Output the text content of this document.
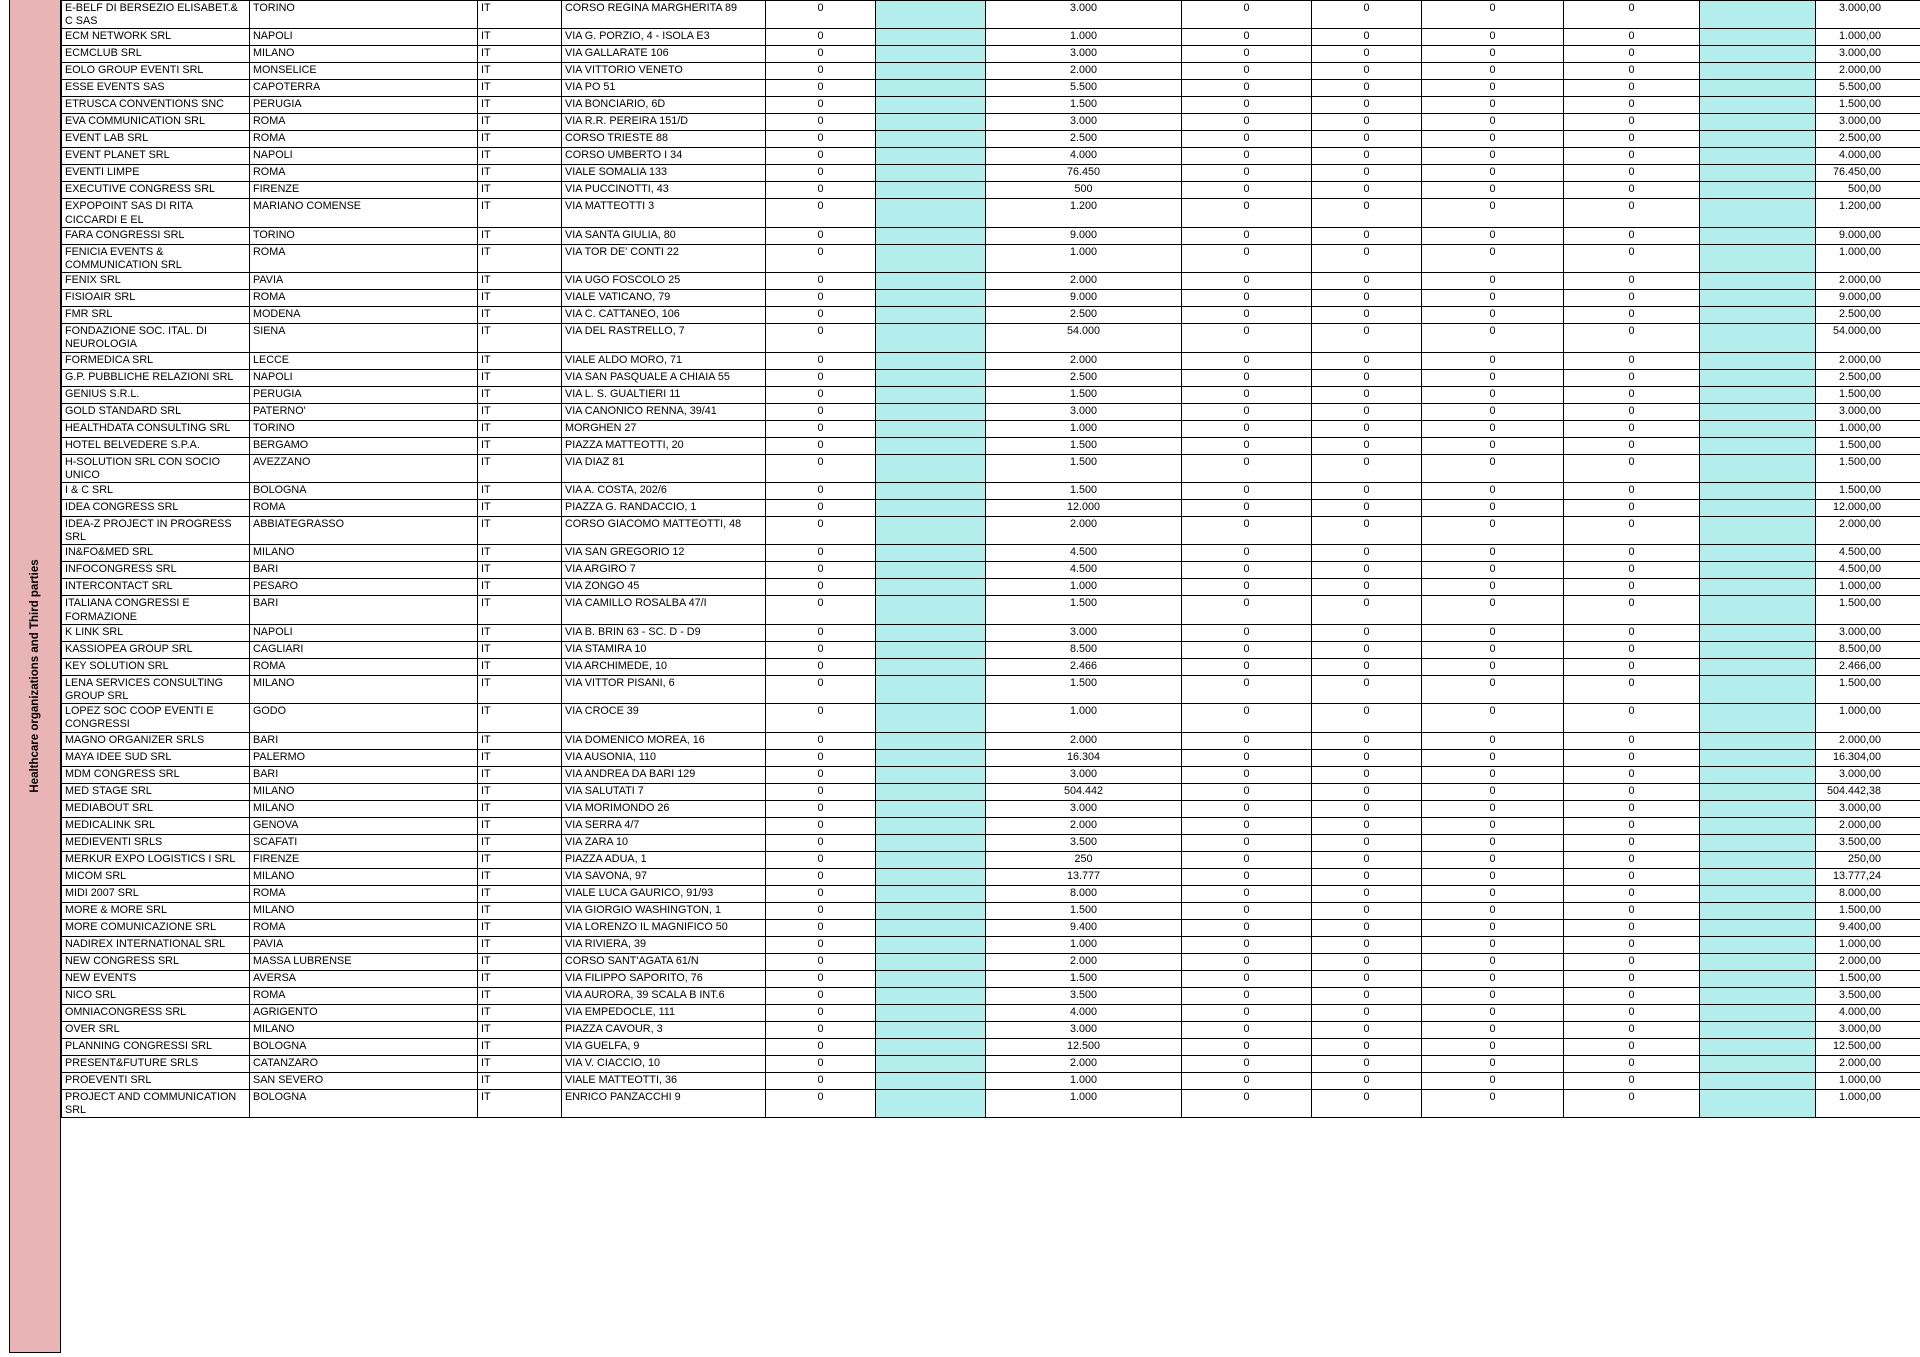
Healthcare organizations and Third parties
E-BELF DI BERSEZIO ELISABET.& C SAS	TORINO	IT	CORSO REGINA MARGHERITA 89	0		3.000	0	0	0	0		3.000,00
ECM NETWORK SRL	NAPOLI	IT	VIA G. PORZIO, 4 - ISOLA E3	0		1.000	0	0	0	0		1.000,00
ECMCLUB SRL	MILANO	IT	VIA GALLARATE 106	0		3.000	0	0	0	0		3.000,00
EOLO GROUP EVENTI SRL	MONSELICE	IT	VIA VITTORIO VENETO	0		2.000	0	0	0	0		2.000,00
ESSE EVENTS SAS	CAPOTERRA	IT	VIA PO 51	0		5.500	0	0	0	0		5.500,00
ETRUSCA CONVENTIONS SNC	PERUGIA	IT	VIA BONCIARIO, 6D	0		1.500	0	0	0	0		1.500,00
EVA COMMUNICATION SRL	ROMA	IT	VIA R.R. PEREIRA 151/D	0		3.000	0	0	0	0		3.000,00
EVENT LAB SRL	ROMA	IT	CORSO TRIESTE 88	0		2.500	0	0	0	0		2.500,00
EVENT PLANET SRL	NAPOLI	IT	CORSO UMBERTO I 34	0		4.000	0	0	0	0		4.000,00
EVENTI LIMPE	ROMA	IT	VIALE SOMALIA 133	0		76.450	0	0	0	0		76.450,00
EXECUTIVE CONGRESS SRL	FIRENZE	IT	VIA PUCCINOTTI, 43	0		500	0	0	0	0		500,00
EXPOPOINT SAS DI RITA CICCARDI E EL	MARIANO COMENSE	IT	VIA MATTEOTTI 3	0		1.200	0	0	0	0		1.200,00
FARA CONGRESSI SRL	TORINO	IT	VIA SANTA GIULIA, 80	0		9.000	0	0	0	0		9.000,00
FENICIA EVENTS & COMMUNICATION SRL	ROMA	IT	VIA TOR DE' CONTI 22	0		1.000	0	0	0	0		1.000,00
FENIX SRL	PAVIA	IT	VIA UGO FOSCOLO 25	0		2.000	0	0	0	0		2.000,00
FISIOAIR SRL	ROMA	IT	VIALE VATICANO, 79	0		9.000	0	0	0	0		9.000,00
FMR SRL	MODENA	IT	VIA C. CATTANEO, 106	0		2.500	0	0	0	0		2.500,00
FONDAZIONE SOC. ITAL. DI NEUROLOGIA	SIENA	IT	VIA DEL RASTRELLO, 7	0		54.000	0	0	0	0		54.000,00
FORMEDICA SRL	LECCE	IT	VIALE ALDO MORO, 71	0		2.000	0	0	0	0		2.000,00
G.P. PUBBLICHE RELAZIONI SRL	NAPOLI	IT	VIA SAN PASQUALE A CHIAIA 55	0		2.500	0	0	0	0		2.500,00
GENIUS S.R.L.	PERUGIA	IT	VIA L. S. GUALTIERI 11	0		1.500	0	0	0	0		1.500,00
GOLD STANDARD SRL	PATERNO'	IT	VIA CANONICO RENNA, 39/41	0		3.000	0	0	0	0		3.000,00
HEALTHDATA CONSULTING SRL	TORINO	IT	MORGHEN 27	0		1.000	0	0	0	0		1.000,00
HOTEL BELVEDERE S.P.A.	BERGAMO	IT	PIAZZA MATTEOTTI, 20	0		1.500	0	0	0	0		1.500,00
H-SOLUTION SRL CON SOCIO UNICO	AVEZZANO	IT	VIA DIAZ 81	0		1.500	0	0	0	0		1.500,00
I & C SRL	BOLOGNA	IT	VIA A. COSTA, 202/6	0		1.500	0	0	0	0		1.500,00
IDEA CONGRESS SRL	ROMA	IT	PIAZZA G. RANDACCIO, 1	0		12.000	0	0	0	0		12.000,00
IDEA-Z PROJECT IN PROGRESS SRL	ABBIATEGRASSO	IT	CORSO GIACOMO MATTEOTTI, 48	0		2.000	0	0	0	0		2.000,00
IN&FO&MED SRL	MILANO	IT	VIA SAN GREGORIO 12	0		4.500	0	0	0	0		4.500,00
INFOCONGRESS SRL	BARI	IT	VIA ARGIRO 7	0		4.500	0	0	0	0		4.500,00
INTERCONTACT SRL	PESARO	IT	VIA ZONGO 45	0		1.000	0	0	0	0		1.000,00
ITALIANA CONGRESSI E FORMAZIONE	BARI	IT	VIA CAMILLO ROSALBA 47/I	0		1.500	0	0	0	0		1.500,00
K LINK SRL	NAPOLI	IT	VIA B. BRIN 63 - SC. D - D9	0		3.000	0	0	0	0		3.000,00
KASSIOPEA GROUP SRL	CAGLIARI	IT	VIA STAMIRA 10	0		8.500	0	0	0	0		8.500,00
KEY SOLUTION SRL	ROMA	IT	VIA ARCHIMEDE, 10	0		2.466	0	0	0	0		2.466,00
LENA SERVICES CONSULTING GROUP SRL	MILANO	IT	VIA VITTOR PISANI, 6	0		1.500	0	0	0	0		1.500,00
LOPEZ SOC COOP EVENTI E CONGRESSI	GODO	IT	VIA CROCE 39	0		1.000	0	0	0	0		1.000,00
MAGNO ORGANIZER SRLS	BARI	IT	VIA DOMENICO MOREA, 16	0		2.000	0	0	0	0		2.000,00
MAYA IDEE SUD SRL	PALERMO	IT	VIA AUSONIA, 110	0		16.304	0	0	0	0		16.304,00
MDM CONGRESS SRL	BARI	IT	VIA ANDREA DA BARI 129	0		3.000	0	0	0	0		3.000,00
MED STAGE SRL	MILANO	IT	VIA SALUTATI 7	0		504.442	0	0	0	0		504.442,38
MEDIABOUT SRL	MILANO	IT	VIA MORIMONDO 26	0		3.000	0	0	0	0		3.000,00
MEDICALINK SRL	GENOVA	IT	VIA SERRA 4/7	0		2.000	0	0	0	0		2.000,00
MEDIEVENTI SRLS	SCAFATI	IT	VIA ZARA 10	0		3.500	0	0	0	0		3.500,00
MERKUR EXPO LOGISTICS I SRL	FIRENZE	IT	PIAZZA ADUA, 1	0		250	0	0	0	0		250,00
MICOM SRL	MILANO	IT	VIA SAVONA, 97	0		13.777	0	0	0	0		13.777,24
MIDI 2007 SRL	ROMA	IT	VIALE LUCA GAURICO, 91/93	0		8.000	0	0	0	0		8.000,00
MORE & MORE SRL	MILANO	IT	VIA GIORGIO WASHINGTON, 1	0		1.500	0	0	0	0		1.500,00
MORE COMUNICAZIONE SRL	ROMA	IT	VIA LORENZO IL MAGNIFICO 50	0		9.400	0	0	0	0		9.400,00
NADIREX INTERNATIONAL SRL	PAVIA	IT	VIA RIVIERA, 39	0		1.000	0	0	0	0		1.000,00
NEW CONGRESS SRL	MASSA LUBRENSE	IT	CORSO SANT'AGATA 61/N	0		2.000	0	0	0	0		2.000,00
NEW EVENTS	AVERSA	IT	VIA FILIPPO SAPORITO, 76	0		1.500	0	0	0	0		1.500,00
NICO SRL	ROMA	IT	VIA AURORA, 39 SCALA B INT.6	0		3.500	0	0	0	0		3.500,00
OMNIACONGRESS SRL	AGRIGENTO	IT	VIA EMPEDOCLE, 111	0		4.000	0	0	0	0		4.000,00
OVER SRL	MILANO	IT	PIAZZA CAVOUR, 3	0		3.000	0	0	0	0		3.000,00
PLANNING CONGRESSI SRL	BOLOGNA	IT	VIA GUELFA, 9	0		12.500	0	0	0	0		12.500,00
PRESENT&FUTURE SRLS	CATANZARO	IT	VIA V. CIACCIO, 10	0		2.000	0	0	0	0		2.000,00
PROEVENTI SRL	SAN SEVERO	IT	VIALE MATTEOTTI, 36	0		1.000	0	0	0	0		1.000,00
PROJECT AND COMMUNICATION SRL	BOLOGNA	IT	ENRICO PANZACCHI 9	0		1.000	0	0	0	0		1.000,00
